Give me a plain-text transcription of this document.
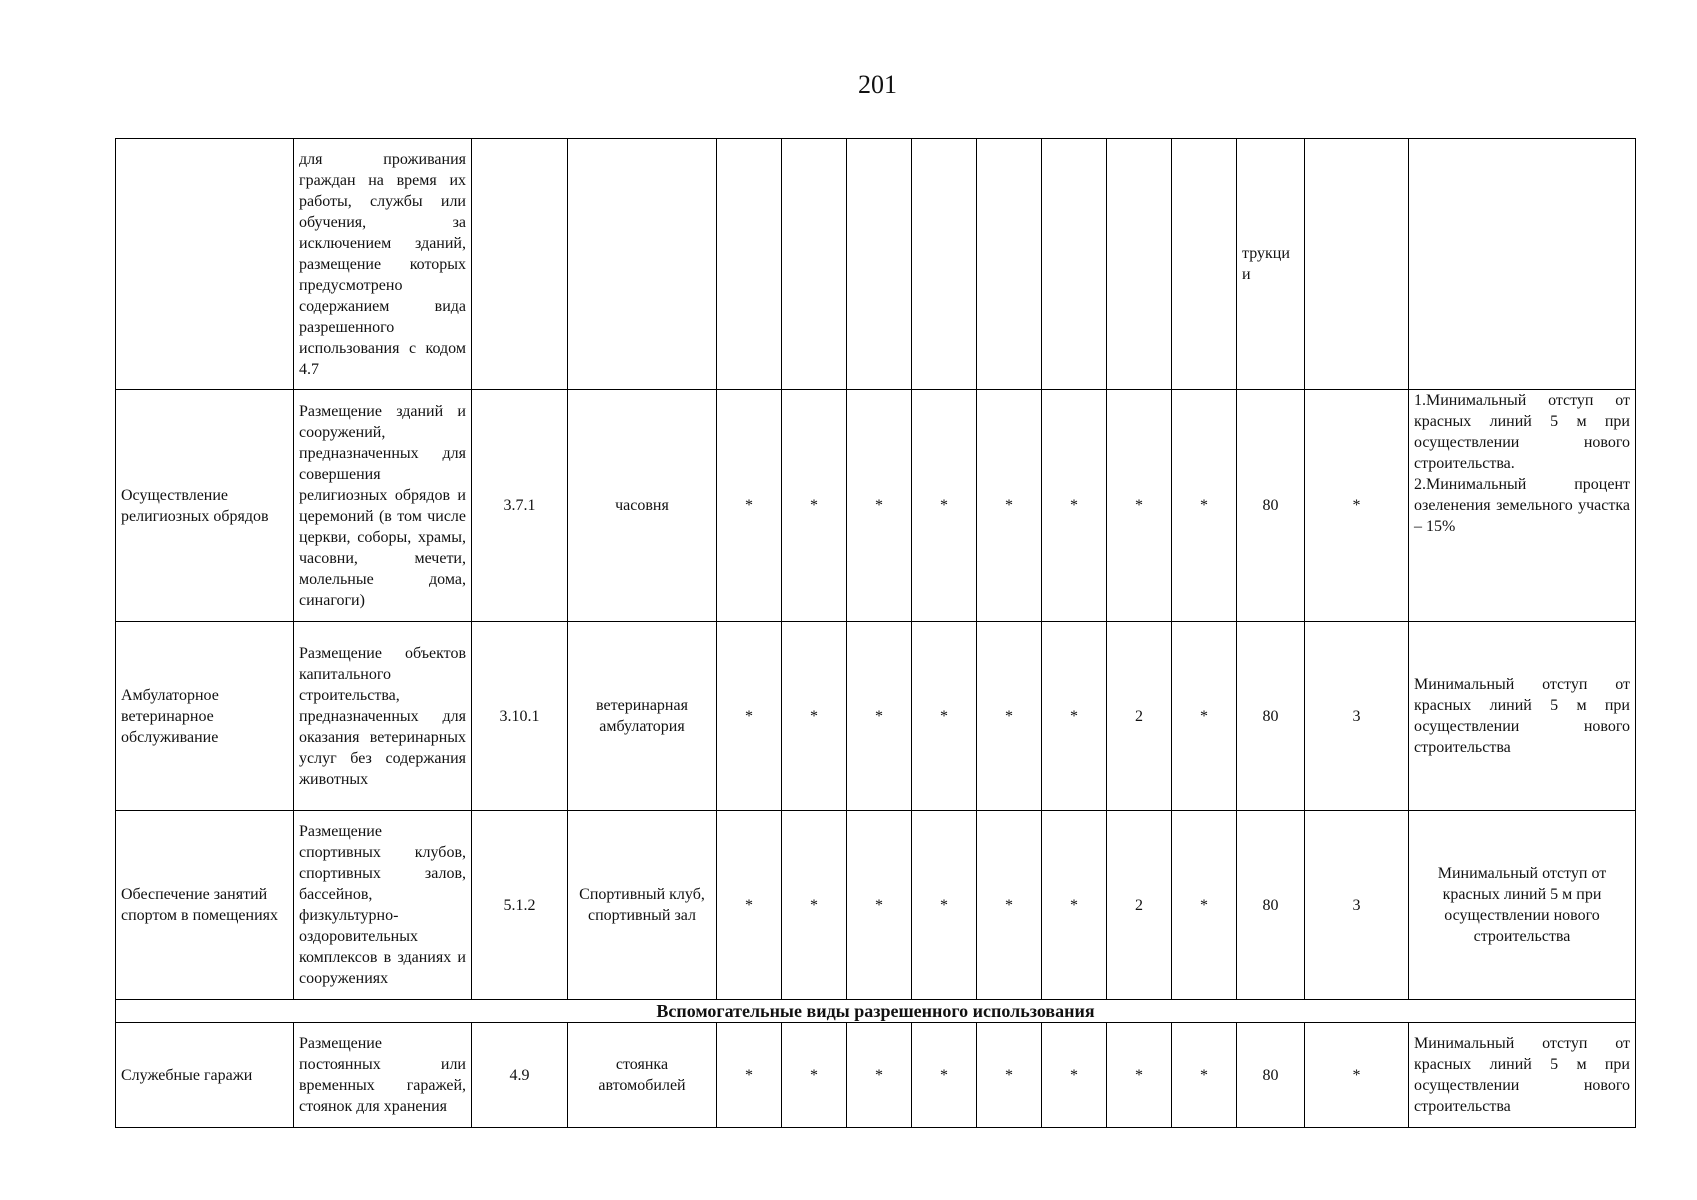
201
	для проживания граждан на время их работы, службы или обучения, за исключением зданий, размещение которых предусмотрено содержанием вида разрешенного использования с кодом 4.7											трукци
и		
Осуществление религиозных обрядов	Размещение зданий и сооружений, предназначенных для совершения религиозных обрядов и церемоний (в том числе церкви, соборы, храмы, часовни, мечети, молельные дома, синагоги)	3.7.1	часовня	*	*	*	*	*	*	*	*	80	*	1.Минимальный отступ от красных линий 5 м при осуществлении нового строительства.
2.Минимальный процент озеленения земельного участка – 15%

Амбулаторное ветеринарное обслуживание	Размещение объектов капитального строительства, предназначенных для оказания ветеринарных услуг без содержания животных	3.10.1	ветеринарная амбулатория	*	*	*	*	*	*	2	*	80	3	Минимальный отступ от красных линий 5 м при осуществлении нового строительства

Обеспечение занятий спортом в помещениях	Размещение спортивных клубов, спортивных залов, бассейнов, физкультурно-оздоровительных комплексов в зданиях и сооружениях	5.1.2	Спортивный клуб, спортивный зал	*	*	*	*	*	*	2	*	80	3	Минимальный отступ от красных линий 5 м при осуществлении нового строительства

Вспомогательные виды разрешенного использования														
Служебные гаражи	Размещение постоянных или временных гаражей, стоянок для хранения	4.9	стоянка автомобилей	*	*	*	*	*	*	*	*	80	*	Минимальный отступ от красных линий 5 м при осуществлении нового строительства
